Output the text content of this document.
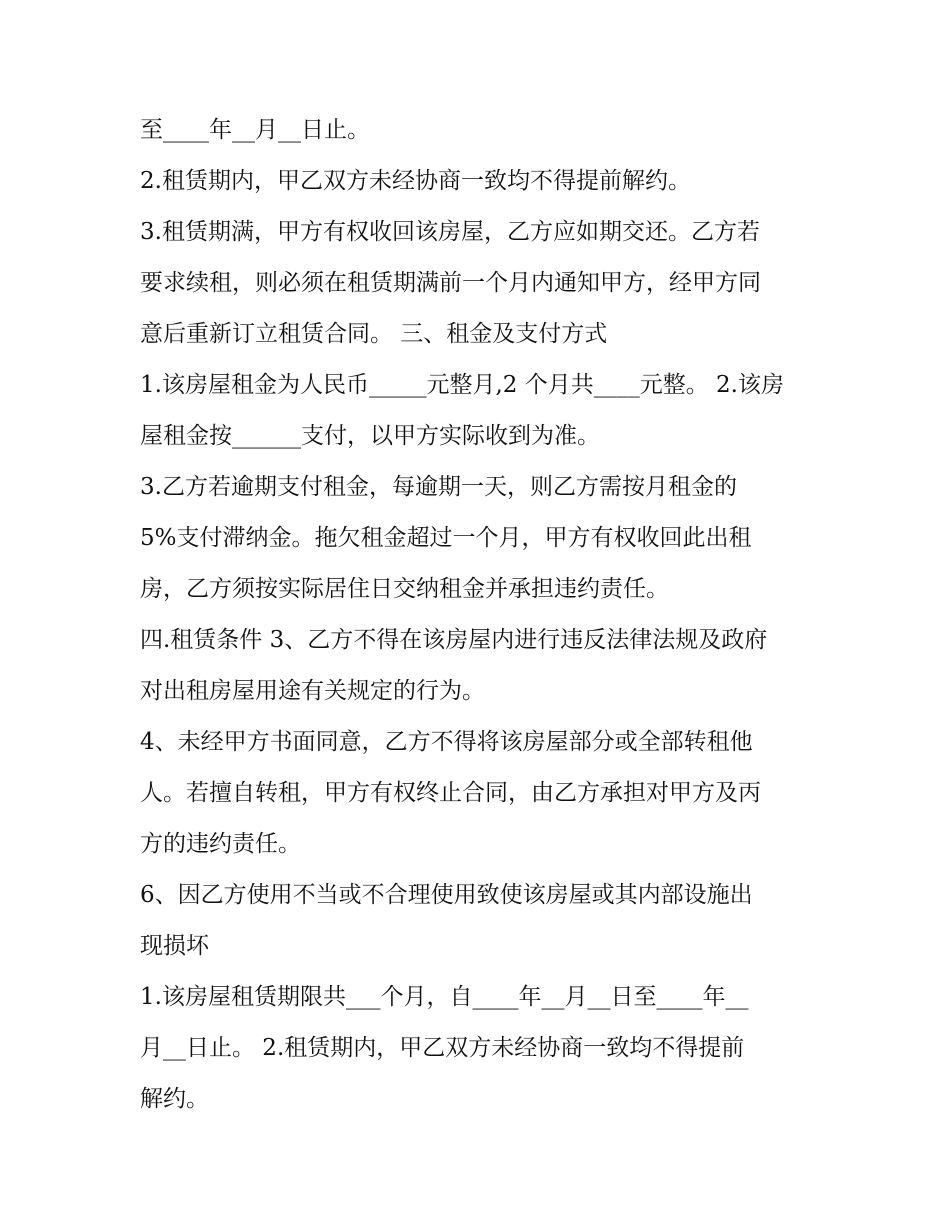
至____年__月__日止。
2.租赁期内，甲乙双方未经协商一致均不得提前解约。
3.租赁期满，甲方有权收回该房屋，乙方应如期交还。乙方若
要求续租，则必须在租赁期满前一个月内通知甲方，经甲方同
意后重新订立租赁合同。 三、租金及支付方式
1.该房屋租金为人民币_____元整月,2 个月共____元整。 2.该房
屋租金按______支付，以甲方实际收到为准。
3.乙方若逾期支付租金，每逾期一天，则乙方需按月租金的
5%支付滞纳金。拖欠租金超过一个月，甲方有权收回此出租
房，乙方须按实际居住日交纳租金并承担违约责任。
四.租赁条件 3、乙方不得在该房屋内进行违反法律法规及政府
对出租房屋用途有关规定的行为。
4、未经甲方书面同意，乙方不得将该房屋部分或全部转租他
人。若擅自转租，甲方有权终止合同，由乙方承担对甲方及丙
方的违约责任。
6、因乙方使用不当或不合理使用致使该房屋或其内部设施出
现损坏
1.该房屋租赁期限共___个月，自____年__月__日至____年__
月__日止。 2.租赁期内，甲乙双方未经协商一致均不得提前
解约。
